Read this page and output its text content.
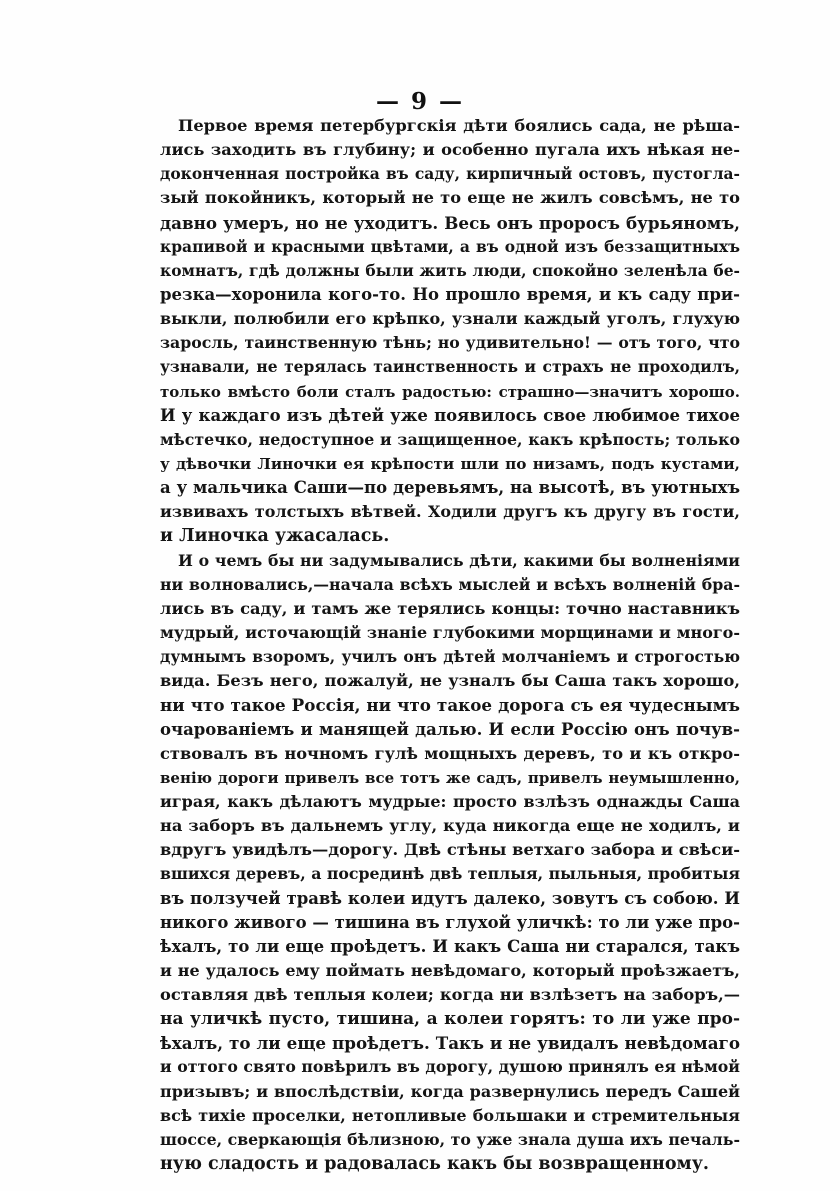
— 9 —
Первое время петербургскія дѣти боялись сада, не рѣша-
лись заходить въ глубину; и особенно пугала ихъ нѣкая не-
доконченная постройка въ саду, кирпичный остовъ, пустогла-
зый покойникъ, который не то еще не жилъ совсѣмъ, не то
давно умеръ, но не уходитъ. Весь онъ проросъ бурьяномъ,
крапивой и красными цвѣтами, а въ одной изъ беззащитныхъ
комнатъ, гдѣ должны были жить люди, спокойно зеленѣла бе-
резка—хоронила кого-то. Но прошло время, и къ саду при-
выкли, полюбили его крѣпко, узнали каждый уголъ, глухую
заросль, таинственную тѣнь; но удивительно! — отъ того, что
узнавали, не терялась таинственность и страхъ не проходилъ,
только вмѣсто боли сталъ радостью: страшно—значитъ хорошо.
И у каждаго изъ дѣтей уже появилось свое любимое тихое
мѣстечко, недоступное и защищенное, какъ крѣпость; только
у дѣвочки Линочки ея крѣпости шли по низамъ, подъ кустами,
а у мальчика Саши—по деревьямъ, на высотѣ, въ уютныхъ
извивахъ толстыхъ вѣтвей. Ходили другъ къ другу въ гости,
и Линочка ужасалась.
И о чемъ бы ни задумывались дѣти, какими бы волненіями
ни волновались,—начала всѣхъ мыслей и всѣхъ волненій бра-
лись въ саду, и тамъ же терялись концы: точно наставникъ
мудрый, источающій знаніе глубокими морщинами и много-
думнымъ взоромъ, училъ онъ дѣтей молчаніемъ и строгостью
вида. Безъ него, пожалуй, не узналъ бы Саша такъ хорошо,
ни что такое Россія, ни что такое дорога съ ея чудеснымъ
очарованіемъ и манящей далью. И если Россію онъ почув-
ствовалъ въ ночномъ гулѣ мощныхъ деревъ, то и къ откро-
венію дороги привелъ все тотъ же садъ, привелъ неумышленно,
играя, какъ дѣлаютъ мудрые: просто взлѣзъ однажды Саша
на заборъ въ дальнемъ углу, куда никогда еще не ходилъ, и
вдругъ увидѣлъ—дорогу. Двѣ стѣны ветхаго забора и свѣси-
вшихся деревъ, а посрединѣ двѣ теплыя, пыльныя, пробитыя
въ ползучей травѣ колеи идутъ далеко, зовутъ съ собою. И
никого живого — тишина въ глухой уличкѣ: то ли уже про-
ѣхалъ, то ли еще проѣдетъ. И какъ Саша ни старался, такъ
и не удалось ему поймать невѣдомаго, который проѣзжаетъ,
оставляя двѣ теплыя колеи; когда ни взлѣзетъ на заборъ,—
на уличкѣ пусто, тишина, а колеи горятъ: то ли уже про-
ѣхалъ, то ли еще проѣдетъ. Такъ и не увидалъ невѣдомаго
и оттого свято повѣрилъ въ дорогу, душою принялъ ея нѣмой
призывъ; и впослѣдствіи, когда развернулись передъ Сашей
всѣ тихіе проселки, нетопливые большаки и стремительныя
шоссе, сверкающія бѣлизною, то уже знала душа ихъ печаль-
ную сладость и радовалась какъ бы возвращенному.
